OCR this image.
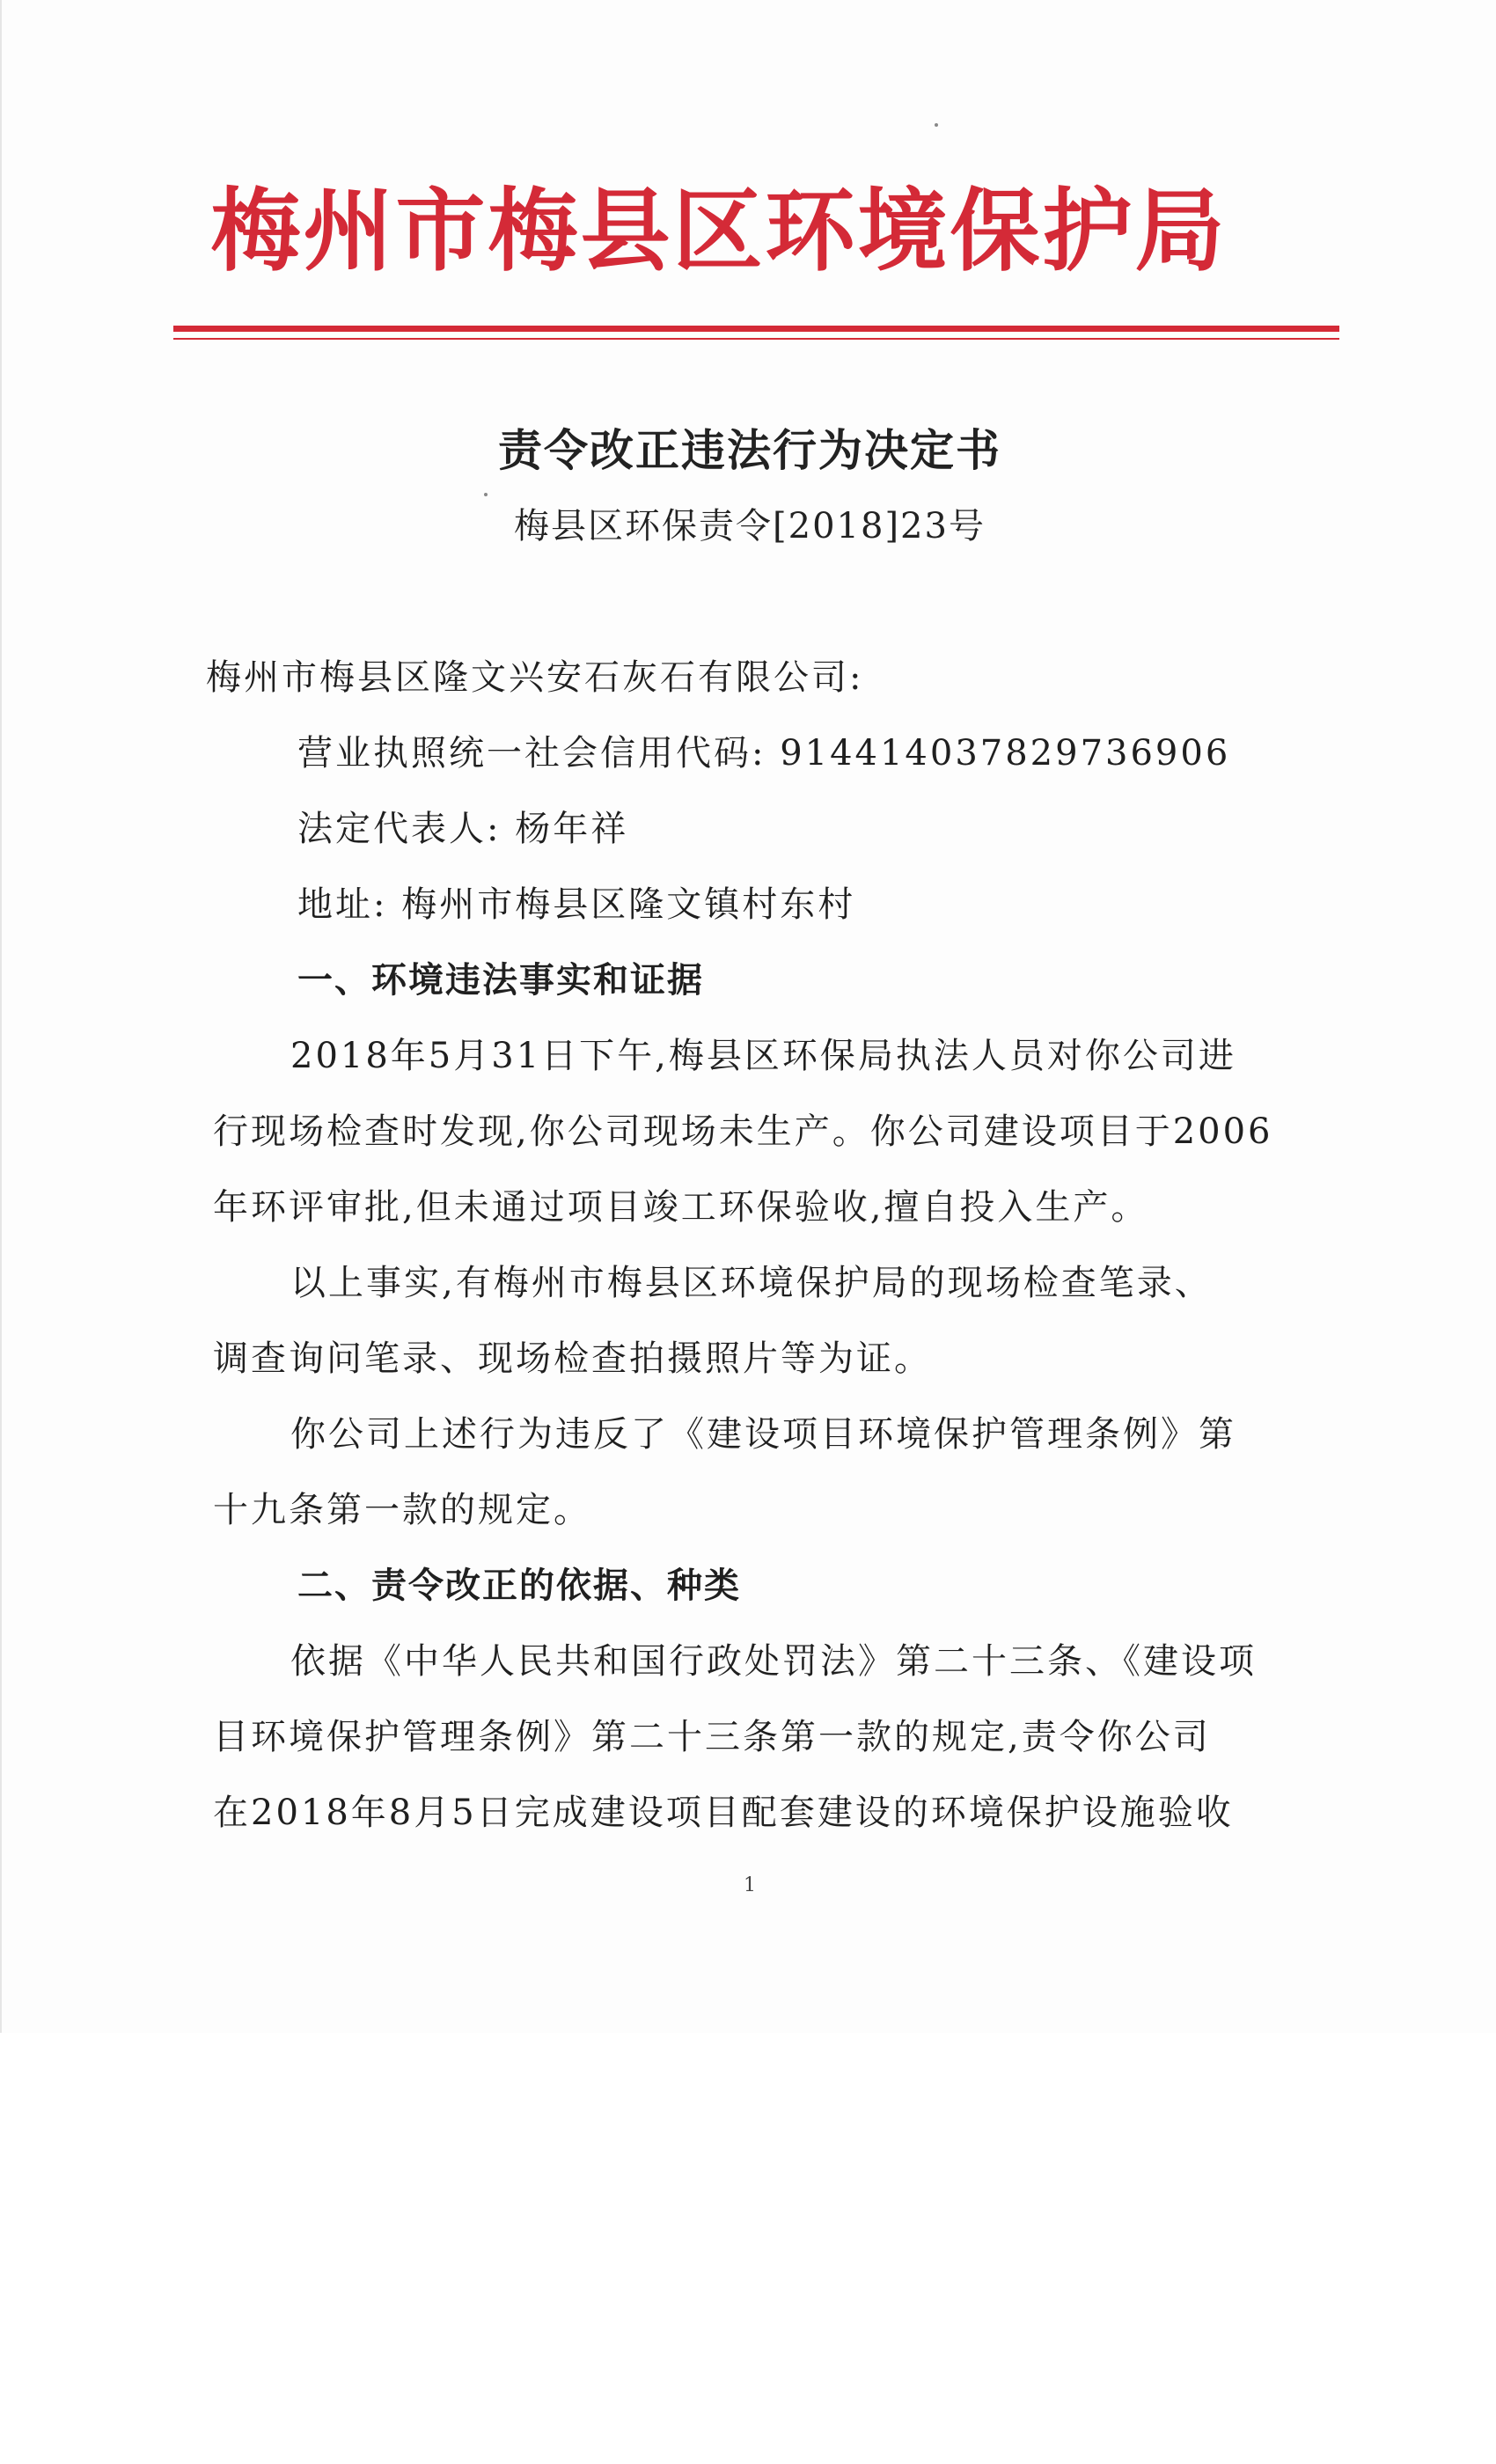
梅州市梅县区环境保护局
责令改正违法行为决定书
梅县区环保责令[2018]23号
梅州市梅县区隆文兴安石灰石有限公司:
营业执照统一社会信用代码: 914414037829736906
法定代表人: 杨年祥
地址: 梅州市梅县区隆文镇村东村
一、环境违法事实和证据
2018年5月31日下午,梅县区环保局执法人员对你公司进
行现场检查时发现,你公司现场未生产。你公司建设项目于2006
年环评审批,但未通过项目竣工环保验收,擅自投入生产。
以上事实,有梅州市梅县区环境保护局的现场检查笔录、
调查询问笔录、现场检查拍摄照片等为证。
你公司上述行为违反了《建设项目环境保护管理条例》第
十九条第一款的规定。
二、责令改正的依据、种类
依据《中华人民共和国行政处罚法》第二十三条、《建设项
目环境保护管理条例》第二十三条第一款的规定,责令你公司
在2018年8月5日完成建设项目配套建设的环境保护设施验收
1
